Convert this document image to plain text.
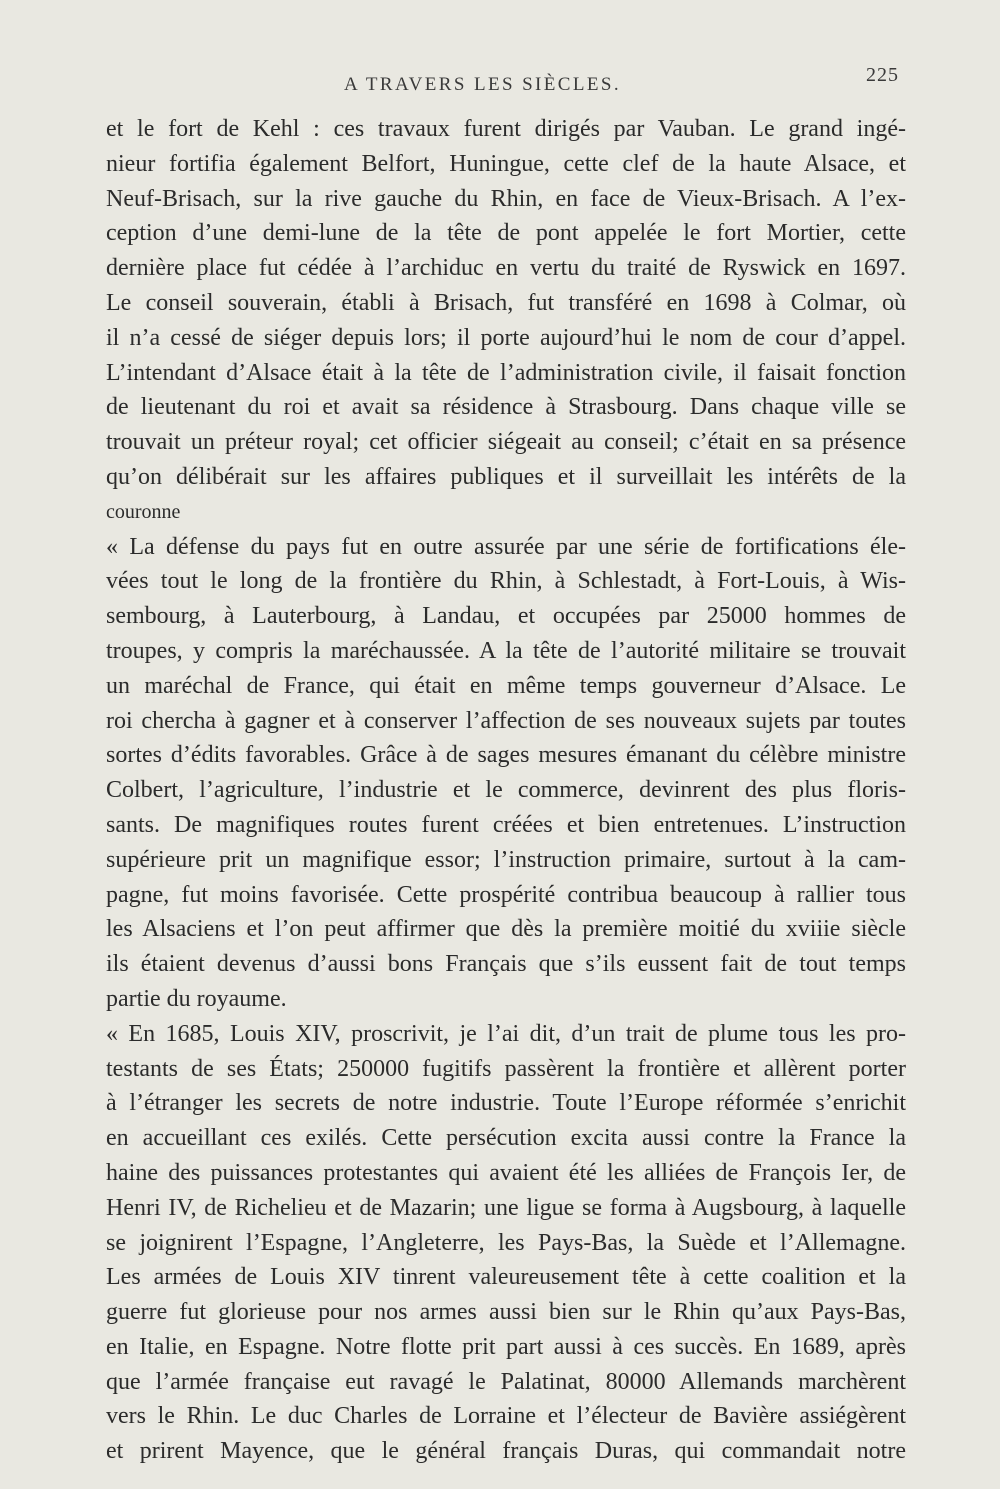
A TRAVERS LES SIÈCLES.	225
et le fort de Kehl : ces travaux furent dirigés par Vauban. Le grand ingé-
nieur fortifia également Belfort, Huningue, cette clef de la haute Alsace, et
Neuf-Brisach, sur la rive gauche du Rhin, en face de Vieux-Brisach. A l’ex-
ception d’une demi-lune de la tête de pont appelée le fort Mortier, cette
dernière place fut cédée à l’archiduc en vertu du traité de Ryswick en 1697.
Le conseil souverain, établi à Brisach, fut transféré en 1698 à Colmar, où
il n’a cessé de siéger depuis lors; il porte aujourd’hui le nom de cour d’appel.
L’intendant d’Alsace était à la tête de l’administration civile, il faisait fonction
de lieutenant du roi et avait sa résidence à Strasbourg. Dans chaque ville se
trouvait un préteur royal; cet officier siégeait au conseil; c’était en sa présence
qu’on délibérait sur les affaires publiques et il surveillait les intérêts de la
couronne
« La défense du pays fut en outre assurée par une série de fortifications éle-
vées tout le long de la frontière du Rhin, à Schlestadt, à Fort-Louis, à Wis-
sembourg, à Lauterbourg, à Landau, et occupées par 25000 hommes de
troupes, y compris la maréchaussée. A la tête de l’autorité militaire se trouvait
un maréchal de France, qui était en même temps gouverneur d’Alsace. Le
roi chercha à gagner et à conserver l’affection de ses nouveaux sujets par toutes
sortes d’édits favorables. Grâce à de sages mesures émanant du célèbre ministre
Colbert, l’agriculture, l’industrie et le commerce, devinrent des plus floris-
sants. De magnifiques routes furent créées et bien entretenues. L’instruction
supérieure prit un magnifique essor; l’instruction primaire, surtout à la cam-
pagne, fut moins favorisée. Cette prospérité contribua beaucoup à rallier tous
les Alsaciens et l’on peut affirmer que dès la première moitié du xviiie siècle
ils étaient devenus d’aussi bons Français que s’ils eussent fait de tout temps
partie du royaume.
« En 1685, Louis XIV, proscrivit, je l’ai dit, d’un trait de plume tous les pro-
testants de ses États; 250000 fugitifs passèrent la frontière et allèrent porter
à l’étranger les secrets de notre industrie. Toute l’Europe réformée s’enrichit
en accueillant ces exilés. Cette persécution excita aussi contre la France la
haine des puissances protestantes qui avaient été les alliées de François Ier, de
Henri IV, de Richelieu et de Mazarin; une ligue se forma à Augsbourg, à laquelle
se joignirent l’Espagne, l’Angleterre, les Pays-Bas, la Suède et l’Allemagne.
Les armées de Louis XIV tinrent valeureusement tête à cette coalition et la
guerre fut glorieuse pour nos armes aussi bien sur le Rhin qu’aux Pays-Bas,
en Italie, en Espagne. Notre flotte prit part aussi à ces succès. En 1689, après
que l’armée française eut ravagé le Palatinat, 80000 Allemands marchèrent
vers le Rhin. Le duc Charles de Lorraine et l’électeur de Bavière assiégèrent
et prirent Mayence, que le général français Duras, qui commandait notre
